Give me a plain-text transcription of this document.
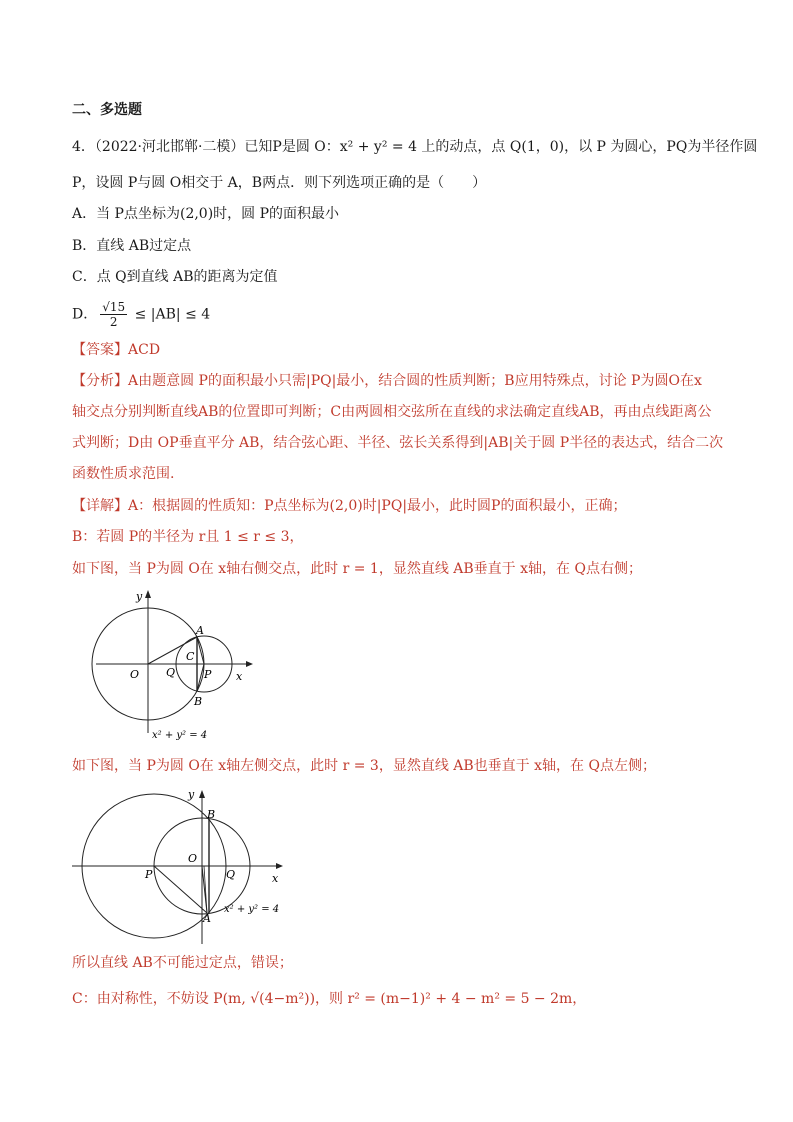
二、多选题
4．（2022·河北邯郸·二模）已知P是圆 O：x² + y² = 4 上的动点，点 Q(1，0)，以 P 为圆心，PQ为半径作圆
P，设圆 P与圆 O相交于 A，B两点．则下列选项正确的是（　　）
A．当 P点坐标为(2,0)时，圆 P的面积最小
B．直线 AB过定点
C．点 Q到直线 AB的距离为定值
D． $\frac{√15}{2} \le |AB| \le 4$
【答案】ACD
【分析】A由题意圆 P的面积最小只需|PQ|最小，结合圆的性质判断；B应用特殊点，讨论 P为圆O在x
轴交点分别判断直线AB的位置即可判断；C由两圆相交弦所在直线的求法确定直线AB，再由点线距离公
式判断；D由 OP垂直平分 AB，结合弦心距、半径、弦长关系得到|AB|关于圆 P半径的表达式，结合二次
函数性质求范围.
【详解】A：根据圆的性质知：P点坐标为(2,0)时|PQ|最小，此时圆P的面积最小，正确；
B：若圆 P的半径为 r且 1 ≤ r ≤ 3，
如下图，当 P为圆 O在 x轴右侧交点，此时 r = 1，显然直线 AB垂直于 x轴，在 Q点右侧；
y
x
O Q
C
P
A
B
x² + y² = 4
如下图，当 P为圆 O在 x轴左侧交点，此时 r = 3，显然直线 AB也垂直于 x轴，在 Q点左侧；
y
x
O
Q
P
B
A
x² + y² = 4
所以直线 AB不可能过定点，错误；
C：由对称性，不妨设 P(m, √(4−m²))，则 r² = (m−1)² + 4 − m² = 5 − 2m，
